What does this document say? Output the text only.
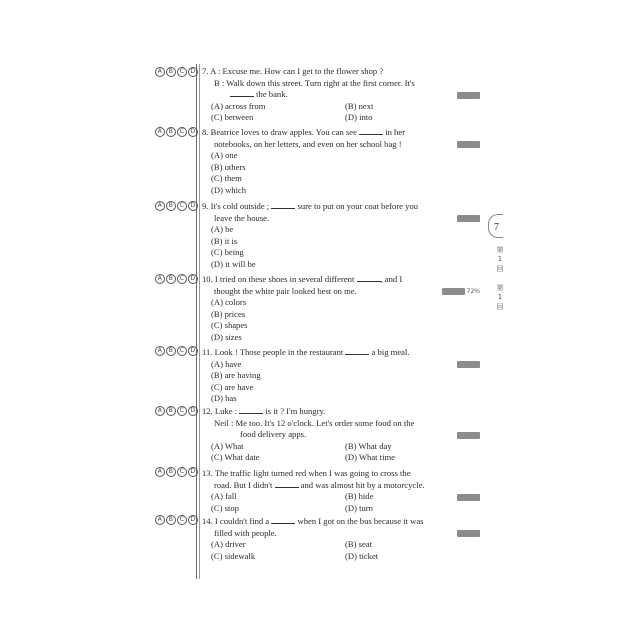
A B C D
A B C D
A B C D
A B C D
A B C D
A B C D
A B C D
A B C D
7. A : Excuse me. How can I get to the flower shop ?
B : Walk down this street. Turn right at the first corner. It's
the bank.
(A) across from	(B) next
(C) between	(D) into
8. Beatrice loves to draw apples. You can see	in her
notebooks, on her letters, and even on her school bag !
(A) one
(B) others
(C) them
(D) which
9. It's cold outside ;	sure to put on your coat before you
leave the house.
(A) be
(B) it is
(C) being
(D) it will be
10. I tried on these shoes in several different	, and I
thought the white pair looked best on me.	72%
(A) colors
(B) prices
(C) shapes
(D) sizes
11. Look ! Those people in the restaurant	a big meal.
(A) have
(B) are having
(C) are have
(D) has
12. Luke :	is it ? I'm hungry.
Neil : Me too. It's 12 o'clock. Let's order some food on the
food delivery apps.
(A) What	(B) What day
(C) What date	(D) What time
13. The traffic light turned red when I was going to cross the
road. But I didn't	and was almost hit by a motorcycle.
(A) fall	(B) hide
(C) stop	(D) turn
14. I couldn't find a	when I got on the bus because it was
filled with people.
(A) driver	(B) seat
(C) sidewalk	(D) ticket
7
第
1
回
第
1
回
